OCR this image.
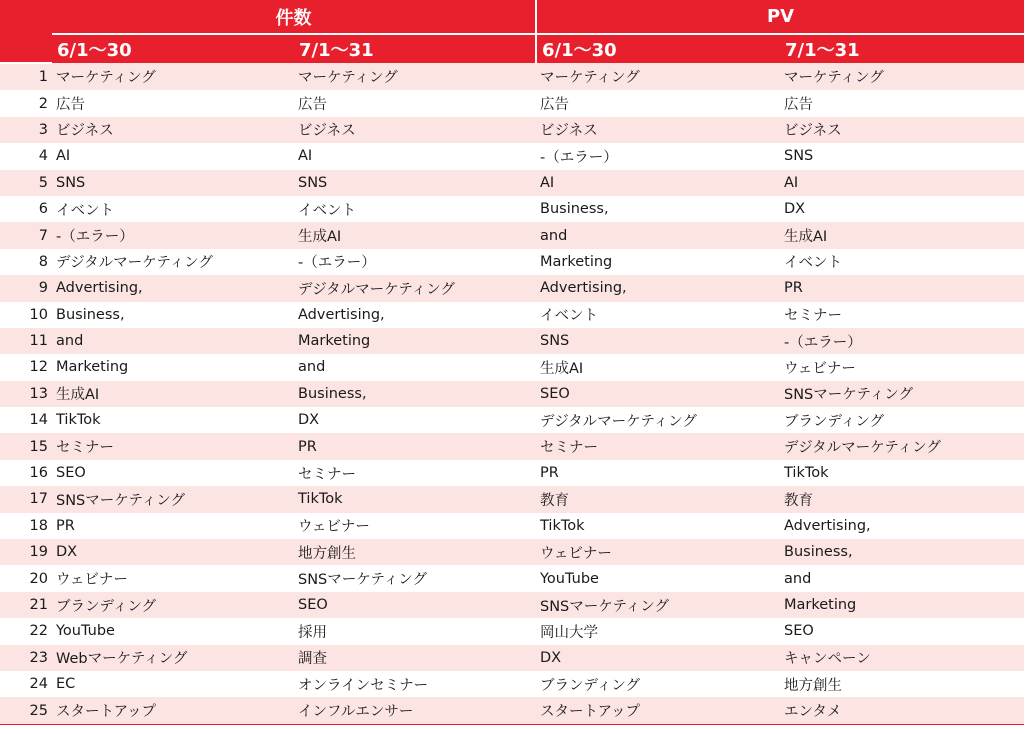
	件数		PV	
	6/1～30	7/1～31	6/1～30	7/1～31
1	マーケティング	マーケティング	マーケティング	マーケティング
2	広告	広告	広告	広告
3	ビジネス	ビジネス	ビジネス	ビジネス
4	AI	AI	-（エラー）	SNS
5	SNS	SNS	AI	AI
6	イベント	イベント	Business,	DX
7	-（エラー）	生成AI	and	生成AI
8	デジタルマーケティング	-（エラー）	Marketing	イベント
9	Advertising,	デジタルマーケティング	Advertising,	PR
10	Business,	Advertising,	イベント	セミナー
11	and	Marketing	SNS	-（エラー）
12	Marketing	and	生成AI	ウェビナー
13	生成AI	Business,	SEO	SNSマーケティング
14	TikTok	DX	デジタルマーケティング	ブランディング
15	セミナー	PR	セミナー	デジタルマーケティング
16	SEO	セミナー	PR	TikTok
17	SNSマーケティング	TikTok	教育	教育
18	PR	ウェビナー	TikTok	Advertising,
19	DX	地方創生	ウェビナー	Business,
20	ウェビナー	SNSマーケティング	YouTube	and
21	ブランディング	SEO	SNSマーケティング	Marketing
22	YouTube	採用	岡山大学	SEO
23	Webマーケティング	調査	DX	キャンペーン
24	EC	オンラインセミナー	ブランディング	地方創生
25	スタートアップ	インフルエンサー	スタートアップ	エンタメ
